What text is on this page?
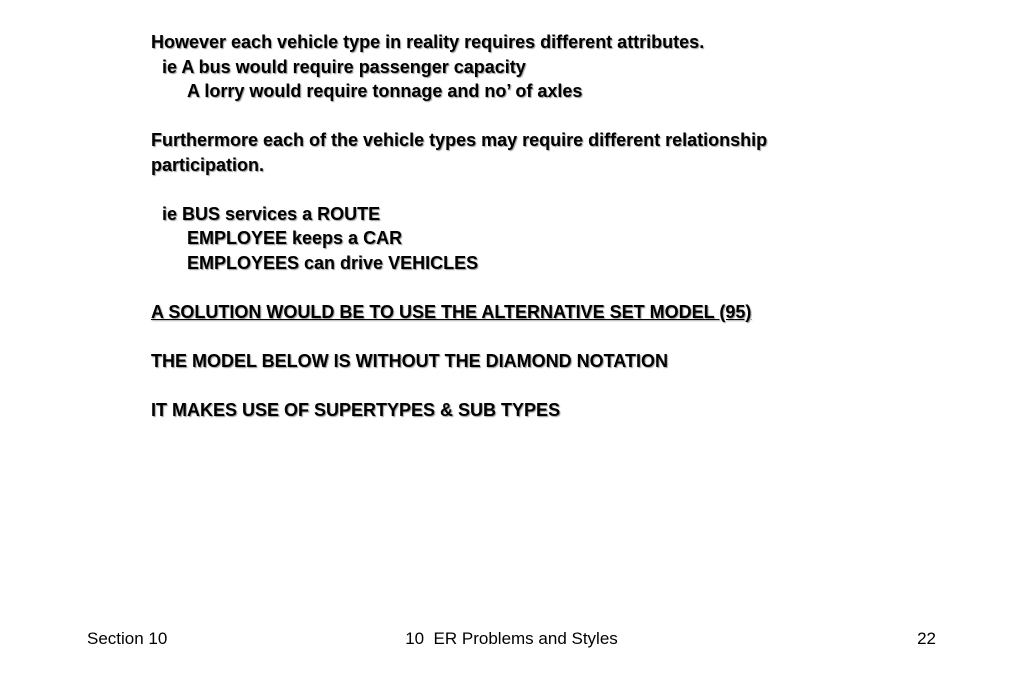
However each vehicle type in reality requires different attributes.
ie A bus would require passenger capacity
A lorry would require tonnage and no’ of axles
Furthermore each of the vehicle types may require different relationship
participation.
ie BUS services a ROUTE
EMPLOYEE keeps a CAR
EMPLOYEES can drive VEHICLES
A SOLUTION WOULD BE TO USE THE ALTERNATIVE SET MODEL (95)
THE MODEL BELOW IS WITHOUT THE DIAMOND NOTATION
IT MAKES USE OF SUPERTYPES & SUB TYPES
Section 10	10  ER Problems and Styles	22
